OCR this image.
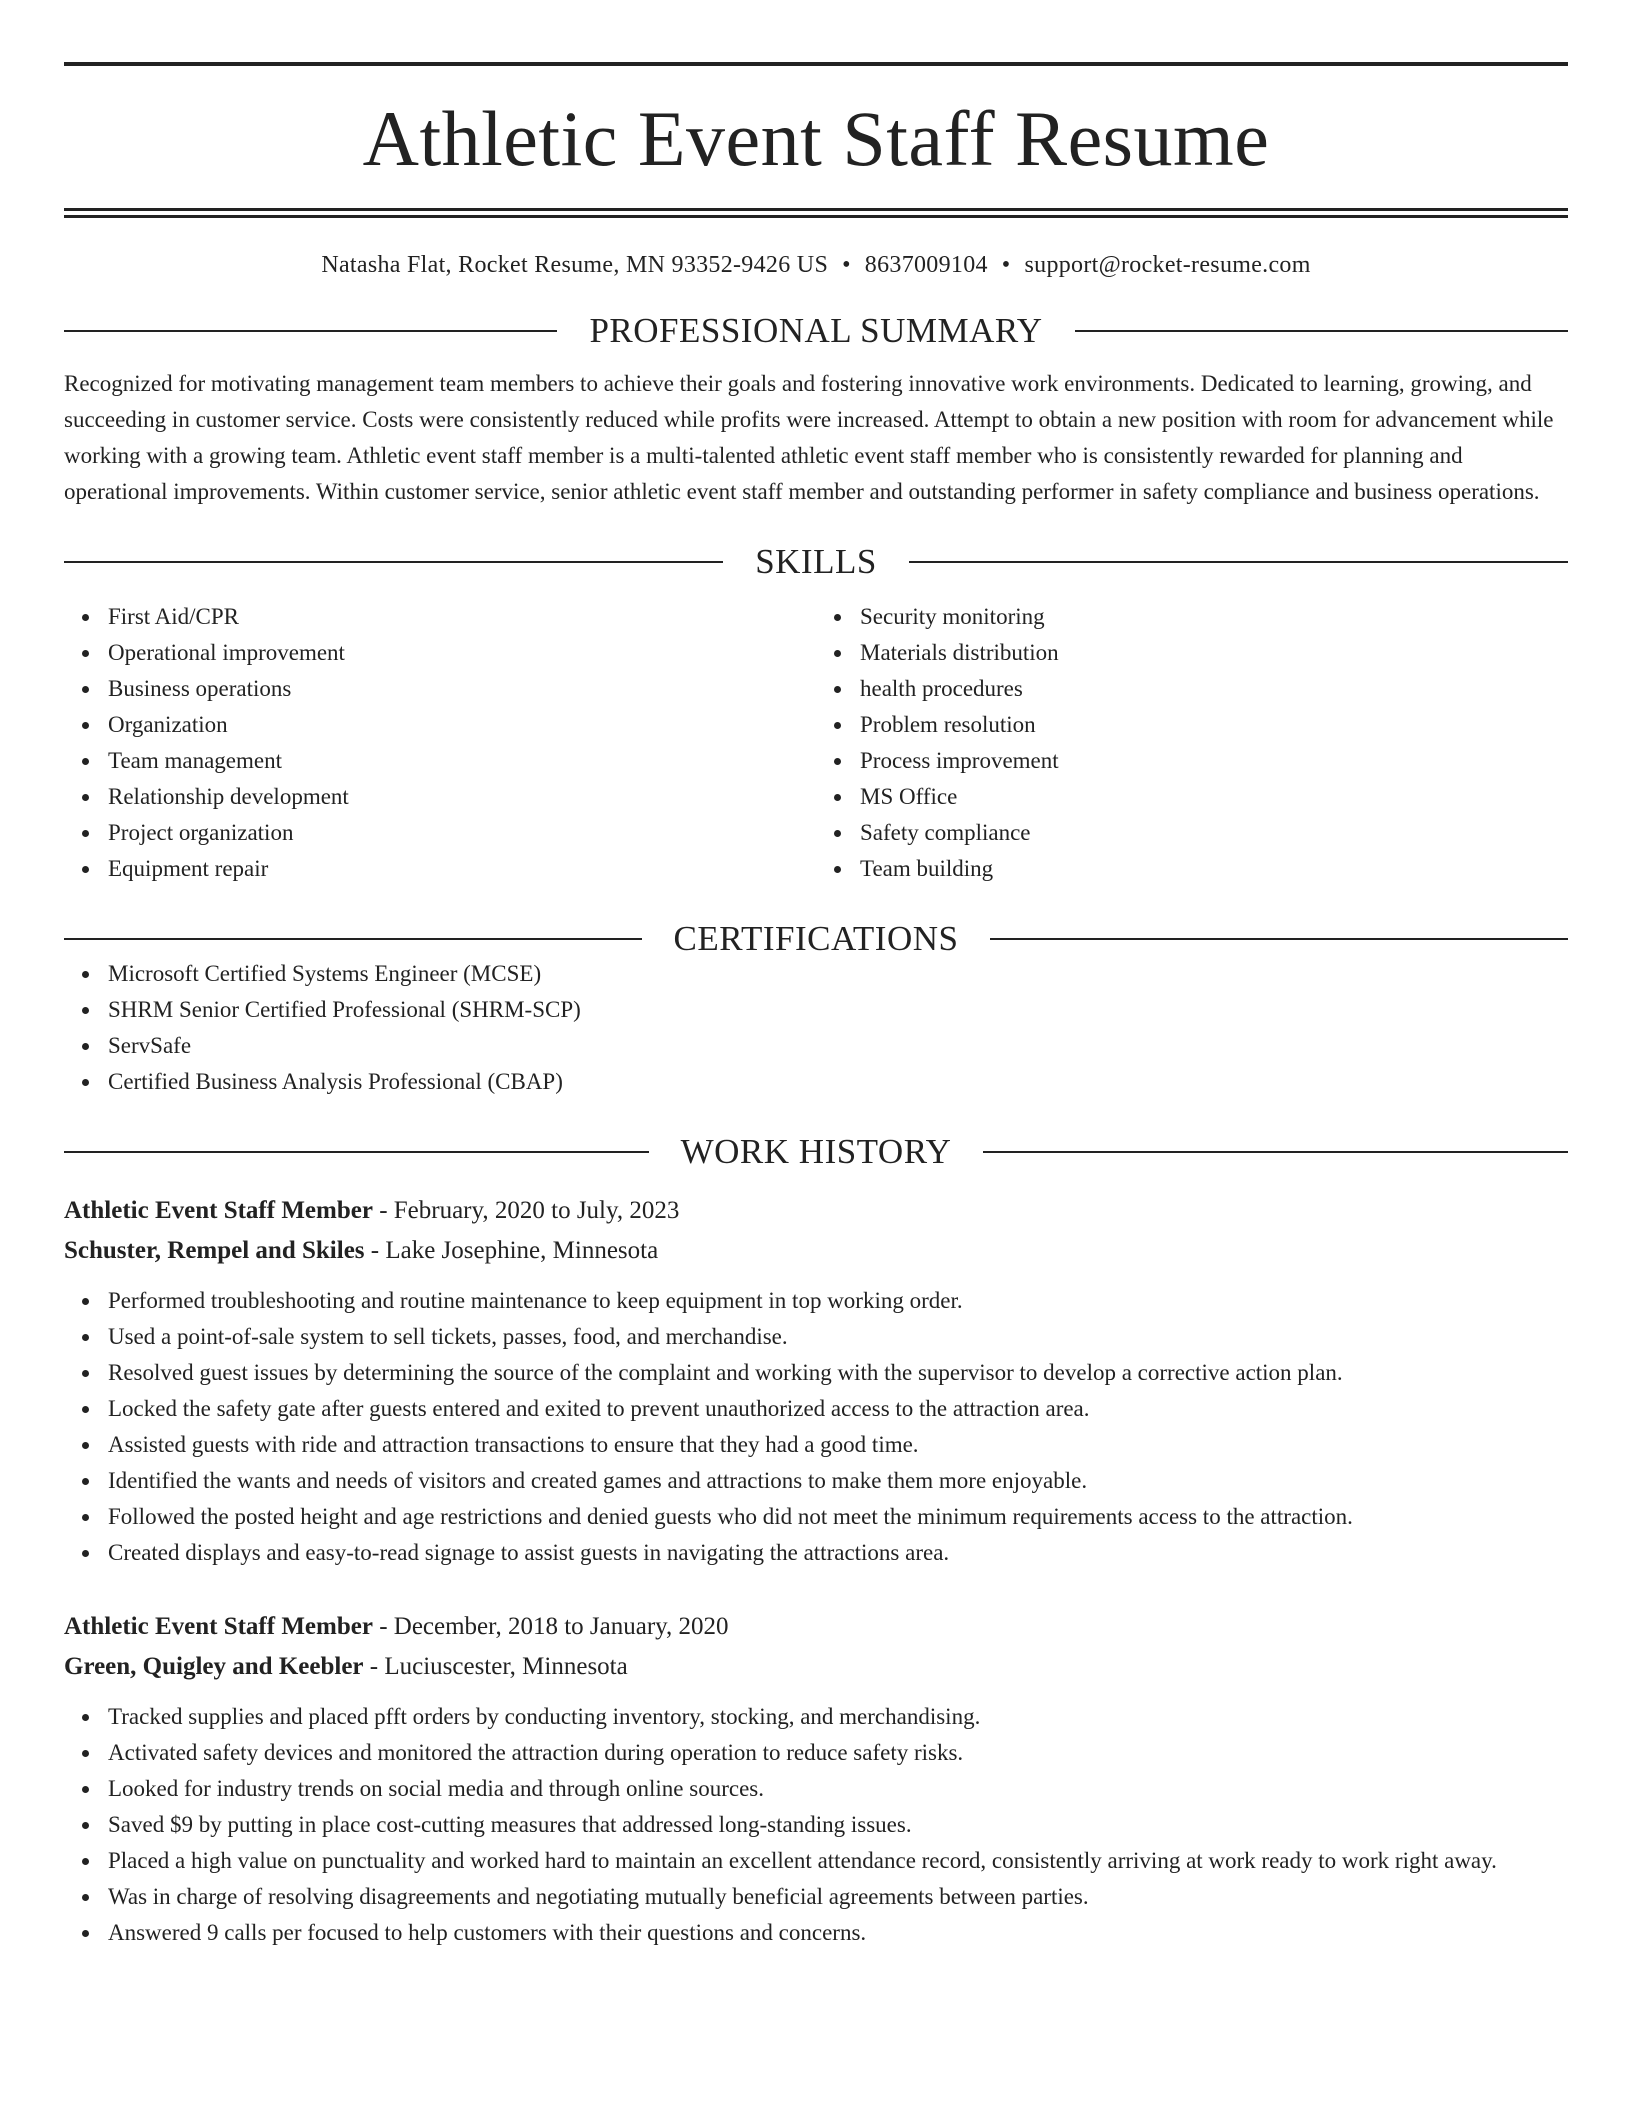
Athletic Event Staff Resume

Natasha Flat, Rocket Resume, MN 93352-9426 US • 8637009104 • support@rocket-resume.com

PROFESSIONAL SUMMARY

Recognized for motivating management team members to achieve their goals and fostering innovative work environments. Dedicated to learning, growing, and succeeding in customer service. Costs were consistently reduced while profits were increased. Attempt to obtain a new position with room for advancement while working with a growing team. Athletic event staff member is a multi-talented athletic event staff member who is consistently rewarded for planning and operational improvements. Within customer service, senior athletic event staff member and outstanding performer in safety compliance and business operations.

SKILLS
First Aid/CPR
Operational improvement
Business operations
Organization
Team management
Relationship development
Project organization
Equipment repair
Security monitoring
Materials distribution
health procedures
Problem resolution
Process improvement
MS Office
Safety compliance
Team building
CERTIFICATIONS
Microsoft Certified Systems Engineer (MCSE)
SHRM Senior Certified Professional (SHRM-SCP)
ServSafe
Certified Business Analysis Professional (CBAP)
WORK HISTORY
Athletic Event Staff Member - February, 2020 to July, 2023
Schuster, Rempel and Skiles - Lake Josephine, Minnesota
Performed troubleshooting and routine maintenance to keep equipment in top working order.
Used a point-of-sale system to sell tickets, passes, food, and merchandise.
Resolved guest issues by determining the source of the complaint and working with the supervisor to develop a corrective action plan.
Locked the safety gate after guests entered and exited to prevent unauthorized access to the attraction area.
Assisted guests with ride and attraction transactions to ensure that they had a good time.
Identified the wants and needs of visitors and created games and attractions to make them more enjoyable.
Followed the posted height and age restrictions and denied guests who did not meet the minimum requirements access to the attraction.
Created displays and easy-to-read signage to assist guests in navigating the attractions area.
Athletic Event Staff Member - December, 2018 to January, 2020
Green, Quigley and Keebler - Luciuscester, Minnesota
Tracked supplies and placed pfft orders by conducting inventory, stocking, and merchandising.
Activated safety devices and monitored the attraction during operation to reduce safety risks.
Looked for industry trends on social media and through online sources.
Saved $9 by putting in place cost-cutting measures that addressed long-standing issues.
Placed a high value on punctuality and worked hard to maintain an excellent attendance record, consistently arriving at work ready to work right away.
Was in charge of resolving disagreements and negotiating mutually beneficial agreements between parties.
Answered 9 calls per focused to help customers with their questions and concerns.
